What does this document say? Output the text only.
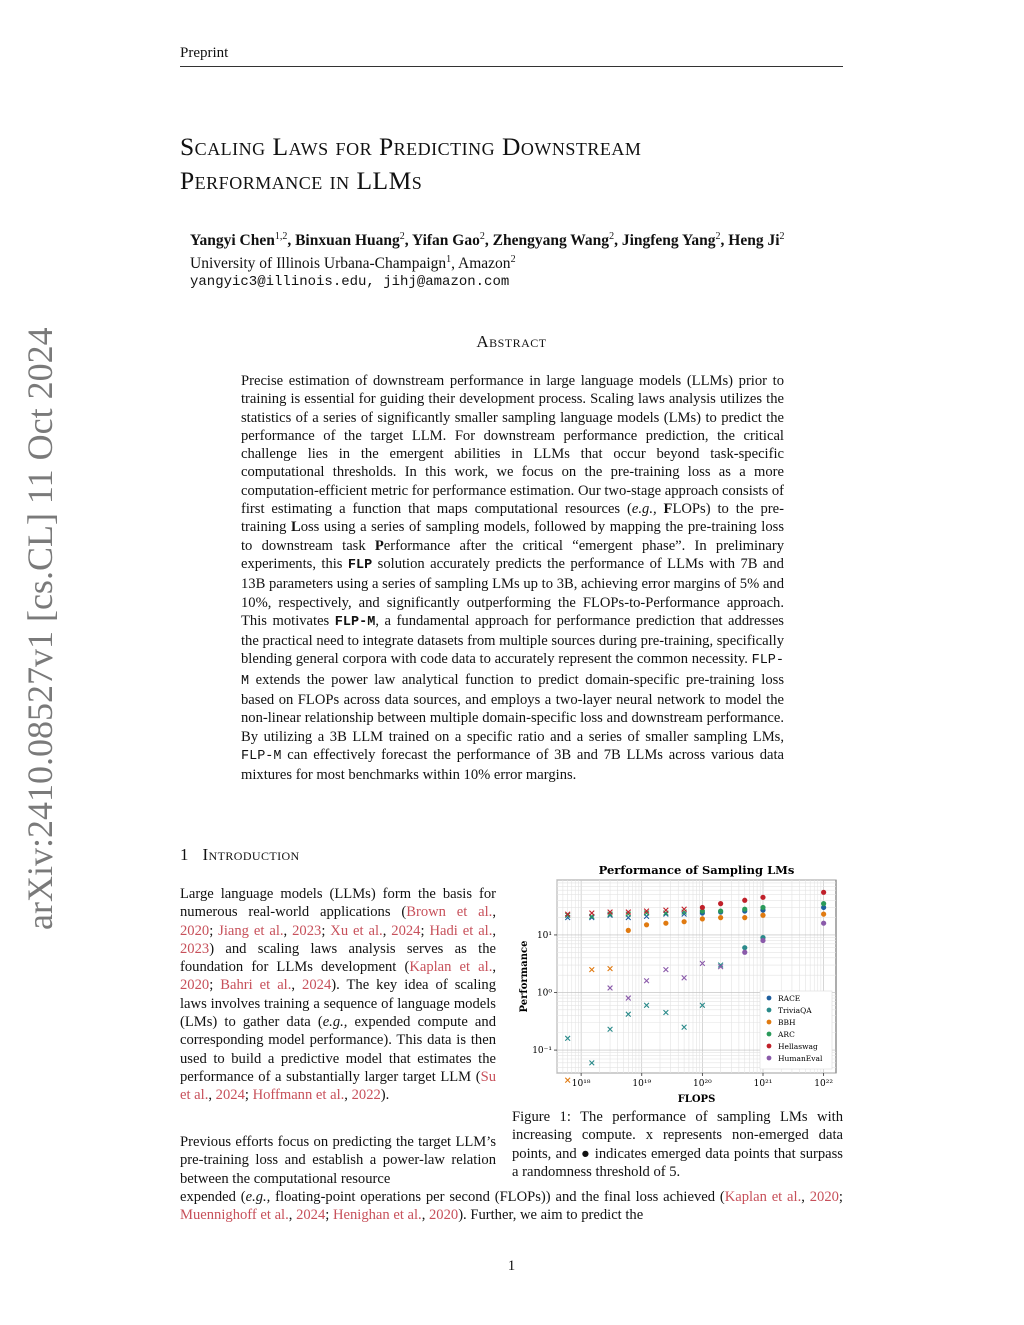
Preprint
arXiv:2410.08527v1 [cs.CL] 11 Oct 2024
Scaling Laws for Predicting Downstream
Performance in LLMs
Yangyi Chen$^{1,2}$, Binxuan Huang$^2$, Yifan Gao$^2$, Zhengyang Wang$^2$, Jingfeng Yang$^2$, Heng Ji$^2$
University of Illinois Urbana-Champaign$^1$, Amazon$^2$
yangyic3@illinois.edu, jihj@amazon.com
Abstract
Precise estimation of downstream performance in large language models (LLMs) prior to training is essential for guiding their development process. Scaling laws analysis utilizes the statistics of a series of significantly smaller sampling language models (LMs) to predict the performance of the target LLM. For downstream performance prediction, the critical challenge lies in the emergent abilities in LLMs that occur beyond task-specific computational thresholds. In this work, we focus on the pre-training loss as a more computation-efficient metric for performance estimation. Our two-stage approach consists of first estimating a function that maps computational resources (e.g., FLOPs) to the pre-training Loss using a series of sampling models, followed by mapping the pre-training loss to downstream task Performance after the critical “emergent phase”. In preliminary experiments, this FLP solution accurately predicts the performance of LLMs with 7B and 13B parameters using a series of sampling LMs up to 3B, achieving error margins of 5% and 10%, respectively, and significantly outperforming the FLOPs-to-Performance approach. This motivates FLP-M, a fundamental approach for performance prediction that addresses the practical need to integrate datasets from multiple sources during pre-training, specifically blending general corpora with code data to accurately represent the common necessity. FLP-M extends the power law analytical function to predict domain-specific pre-training loss based on FLOPs across data sources, and employs a two-layer neural network to model the non-linear relationship between multiple domain-specific loss and downstream performance. By utilizing a 3B LLM trained on a specific ratio and a series of smaller sampling LMs, FLP-M can effectively forecast the performance of 3B and 7B LLMs across various data mixtures for most benchmarks within 10% error margins.
1 Introduction
Large language models (LLMs) form the basis for numerous real-world applications (Brown et al., 2020; Jiang et al., 2023; Xu et al., 2024; Hadi et al., 2023) and scaling laws analysis serves as the foundation for LLMs development (Kaplan et al., 2020; Bahri et al., 2024). The key idea of scaling laws involves training a sequence of language models (LMs) to gather data (e.g., expended compute and corresponding model performance). This data is then used to build a predictive model that estimates the performance of a substantially larger target LLM (Su et al., 2024; Hoffmann et al., 2022).
Previous efforts focus on predicting the target LLM’s pre-training loss and establish a power-law relation between the computational resource
expended (e.g., floating-point operations per second (FLOPs)) and the final loss achieved (Kaplan et al., 2020; Muennighoff et al., 2024; Henighan et al., 2020). Further, we aim to predict the
Performance of Sampling LMs
10¹⁸	10¹⁹	10²⁰	10²¹	10²²
10⁻¹
10⁰
10¹
FLOPS
Performance	RACE
TriviaQA
BBH
ARC
Hellaswag
HumanEval
Figure 1: The performance of sampling LMs with increasing compute. x represents non-emerged data points, and ● indicates emerged data points that surpass a randomness threshold of 5.
1
